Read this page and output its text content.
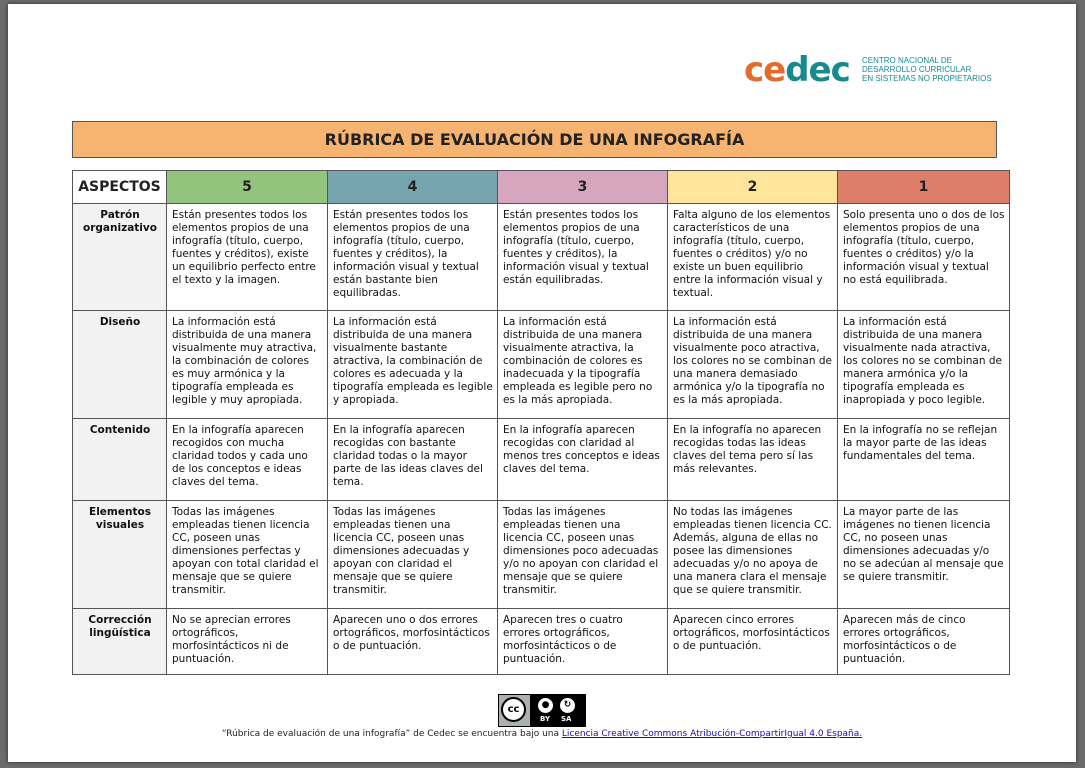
cedec CENTRO NACIONAL DE
DESARROLLO CURRICULAR
EN SISTEMAS NO PROPIETARIOS
RÚBRICA DE EVALUACIÓN DE UNA INFOGRAFÍA
ASPECTOS	5	4	3	2	1
Patrón organizativo	Están presentes todos los elementos propios de una infografía (título, cuerpo, fuentes y créditos), existe un equilibrio perfecto entre el texto y la imagen.	Están presentes todos los elementos propios de una infografía (título, cuerpo, fuentes y créditos), la información visual y textual están bastante bien equilibradas.	Están presentes todos los elementos propios de una infografía (título, cuerpo, fuentes y créditos), la información visual y textual están equilibradas.	Falta alguno de los elementos característicos de una infografía (título, cuerpo, fuentes o créditos) y/o no existe un buen equilibrio entre la información visual y textual.	Solo presenta uno o dos de los elementos propios de una infografía (título, cuerpo, fuentes o créditos) y/o la información visual y textual no está equilibrada.
Diseño	La información está distribuida de una manera visualmente muy atractiva, la combinación de colores es muy armónica y la tipografía empleada es legible y muy apropiada.	La información está distribuida de una manera visualmente bastante atractiva, la combinación de colores es adecuada y la tipografía empleada es legible y apropiada.	La información está distribuida de una manera visualmente atractiva, la combinación de colores es inadecuada y la tipografía empleada es legible pero no es la más apropiada.	La información está distribuida de una manera visualmente poco atractiva, los colores no se combinan de una manera demasiado armónica y/o la tipografía no es la más apropiada.	La información está distribuida de una manera visualmente nada atractiva, los colores no se combinan de manera armónica y/o la tipografía empleada es inapropiada y poco legible.
Contenido	En la infografía aparecen recogidos con mucha claridad todos y cada uno de los conceptos e ideas claves del tema.	En la infografía aparecen recogidas con bastante claridad todas o la mayor parte de las ideas claves del tema.	En la infografía aparecen recogidas con claridad al menos tres conceptos e ideas claves del tema.	En la infografía no aparecen recogidas todas las ideas claves del tema pero sí las más relevantes.	En la infografía no se reflejan la mayor parte de las ideas fundamentales del tema.
Elementos visuales	Todas las imágenes empleadas tienen licencia CC, poseen unas dimensiones perfectas y apoyan con total claridad el mensaje que se quiere transmitir.	Todas las imágenes empleadas tienen una licencia CC, poseen unas dimensiones adecuadas y apoyan con claridad el mensaje que se quiere transmitir.	Todas las imágenes empleadas tienen una licencia CC, poseen unas dimensiones poco adecuadas y/o no apoyan con claridad el mensaje que se quiere transmitir.	No todas las imágenes empleadas tienen licencia CC. Además, alguna de ellas no posee las dimensiones adecuadas y/o no apoya de una manera clara el mensaje que se quiere transmitir.	La mayor parte de las imágenes no tienen licencia CC, no poseen unas dimensiones adecuadas y/o no se adecúan al mensaje que se quiere transmitir.
Corrección lingüística	No se aprecian errores ortográficos, morfosintácticos ni de puntuación.	Aparecen uno o dos errores ortográficos, morfosintácticos o de puntuación.	Aparecen tres o cuatro errores ortográficos, morfosintácticos o de puntuación.	Aparecen cinco errores ortográficos, morfosintácticos o de puntuación.	Aparecen más de cinco errores ortográficos, morfosintácticos o de puntuación.
cc	●	↻
BY SA
“Rúbrica de evaluación de una infografía” de Cedec se encuentra bajo una Licencia Creative Commons Atribución-CompartirIgual 4.0 España.
